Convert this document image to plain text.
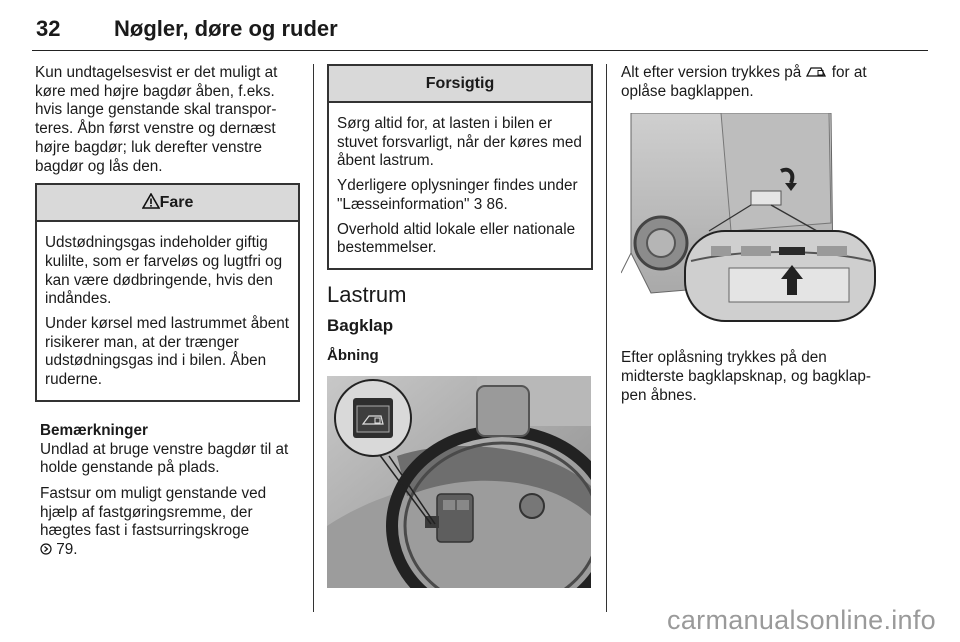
32 Nøgler, døre og ruder

Kun undtagelsesvist er det muligt at køre med højre bagdør åben, f.eks. hvis lange genstande skal transporteres. Åbn først venstre og dernæst højre bagdør; luk derefter venstre bagdør og lås den.

Fare

Udstødningsgas indeholder giftig kulilte, som er farveløs og lugtfri og kan være dødbringende, hvis den indåndes.

Under kørsel med lastrummet åbent risikerer man, at der trænger udstødningsgas ind i bilen. Åben ruderne.

Bemærkninger

Undlad at bruge venstre bagdør til at holde genstande på plads.

Fastsur om muligt genstande ved hjælp af fastgøringsremme, der hægtes fast i fastsurringskroge

79.
Forsigtig

Sørg altid for, at lasten i bilen er stuvet forsvarligt, når der køres med åbent lastrum.

Yderligere oplysninger findes under "Læsseinformation" 3 86.

Overhold altid lokale eller nationale bestemmelser.

Lastrum
Bagklap
Åbning

Alt efter version trykkes på for at oplåse bagklappen.

Efter oplåsning trykkes på den midterste bagklapsknap, og bagklappen åbnes.

carmanualsonline.info
